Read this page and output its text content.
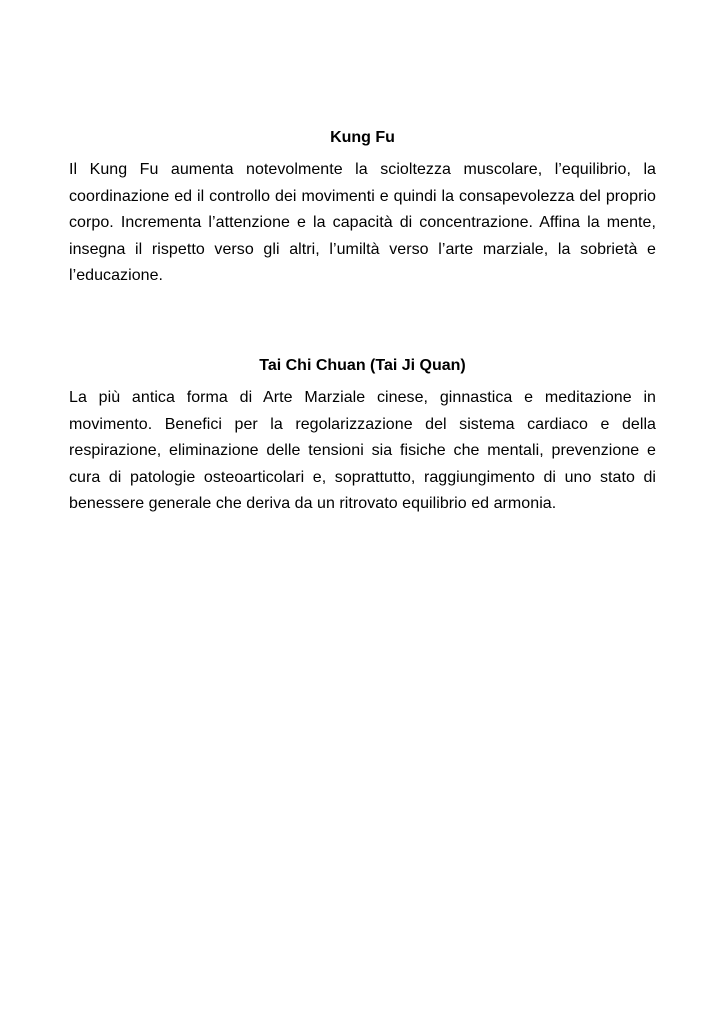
Kung Fu

Il Kung Fu aumenta notevolmente la scioltezza muscolare, l’equilibrio, la coordinazione ed il controllo dei movimenti e quindi la consapevolezza del proprio corpo. Incrementa l’attenzione e la capacità di concentrazione. Affina la mente, insegna il rispetto verso gli altri, l’umiltà verso l’arte marziale, la sobrietà e l’educazione.

Tai Chi Chuan (Tai Ji Quan)

La più antica forma di Arte Marziale cinese, ginnastica e meditazione in movimento. Benefici per la regolarizzazione del sistema cardiaco e della respirazione, eliminazione delle tensioni sia fisiche che mentali, prevenzione e cura di patologie osteoarticolari e, soprattutto, raggiungimento di uno stato di benessere generale che deriva da un ritrovato equilibrio ed armonia.
